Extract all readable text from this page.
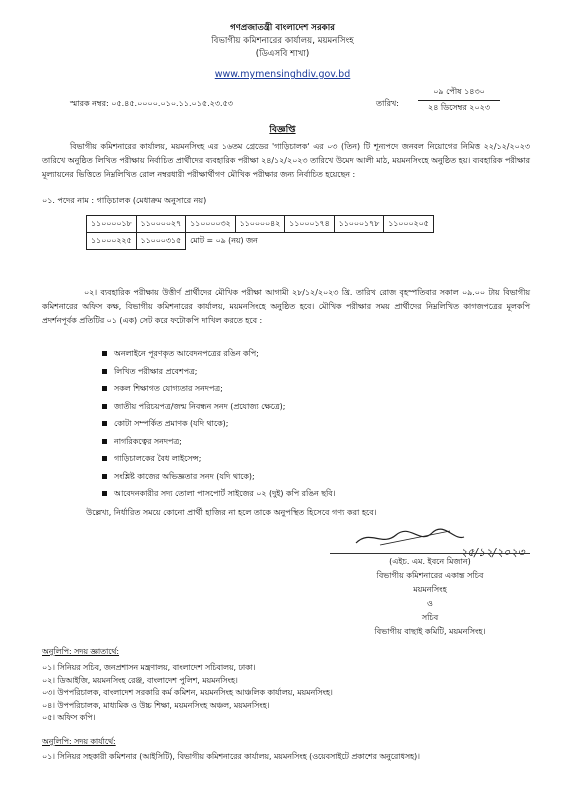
গণপ্রজাতন্ত্রী বাংলাদেশ সরকার
বিভাগীয় কমিশনারের কার্যালয়, ময়মনসিংহ
(ডিএসবি শাখা)
www.mymensinghdiv.gov.bd
স্মারক নম্বর: ০৫.৪৫.০০০০.০১০.১১.০১৫.২৩.৫৩	তারিখ:
০৯ পৌষ ১৪৩০
২৪ ডিসেম্বর ২০২৩
বিজ্ঞপ্তি
বিভাগীয় কমিশনারের কার্যালয়, ময়মনসিংহ এর ১৬তম গ্রেডের 'গাড়িচালক' এর ০৩ (তিন) টি শূন্যপদে জনবল নিয়োগের নিমিত্ত ২২/১২/২০২৩ তারিখে অনুষ্ঠিত লিখিত পরীক্ষায় নির্বাচিত প্রার্থীদের ব্যবহারিক পরীক্ষা ২৪/১২/২০২৩ তারিখে উমেদ আলী মাঠ, ময়মনসিংহে অনুষ্ঠিত হয়। ব্যবহারিক পরীক্ষার মূল্যায়নের ভিত্তিতে নিম্নলিখিত রোল নম্বরধারী পরীক্ষার্থীগণ মৌখিক পরীক্ষার জন্য নির্বাচিত হয়েছেন :
০১. পদের নাম : গাড়িচালক (মেধাক্রম অনুসারে নয়)
১১০০০০১৮	১১০০০০২৭	১১০০০০৩২	১১০০০০৪২	১১০০০১৭৪	১১০০০১৭৮	১১০০০২০৫
১১০০০২২৫	১১০০০৩১৫	মোট = ০৯ (নয়) জন				
০২। ব্যবহারিক পরীক্ষায় উত্তীর্ণ প্রার্থীদের মৌখিক পরীক্ষা আগামী ২৮/১২/২০২৩ খ্রি. তারিখ রোজ বৃহস্পতিবার সকাল ০৯.০০ টায় বিভাগীয় কমিশনারের অফিস কক্ষ, বিভাগীয় কমিশনারের কার্যালয়, ময়মনসিংহে অনুষ্ঠিত হবে। মৌখিক পরীক্ষার সময় প্রার্থীদের নিম্নলিখিত কাগজপত্রের মূলকপি প্রদর্শনপূর্বক প্রতিটির ০১ (এক) সেট করে ফটোকপি দাখিল করতে হবে :
অনলাইনে পূরণকৃত আবেদনপত্রের রঙিন কপি;
লিখিত পরীক্ষার প্রবেশপত্র;
সকল শিক্ষাগত যোগ্যতার সনদপত্র;
জাতীয় পরিচয়পত্র/জন্ম নিবন্ধন সনদ (প্রযোজ্য ক্ষেত্রে);
কোটা সম্পর্কিত প্রমাণক (যদি থাকে);
নাগরিকত্বের সনদপত্র;
গাড়িচালকের বৈধ লাইসেন্স;
সংশ্লিষ্ট কাজের অভিজ্ঞতার সনদ (যদি থাকে);
আবেদনকারীর সদ্য তোলা পাসপোর্ট সাইজের ০২ (দুই) কপি রঙিন ছবি।
উল্লেখ্য, নির্ধারিত সময়ে কোনো প্রার্থী হাজির না হলে তাকে অনুপস্থিত হিসেবে গণ্য করা হবে।
২৫/১২/২০২৩
(এইচ. এম. ইবনে মিজান)
বিভাগীয় কমিশনারের একান্ত সচিব
ময়মনসিংহ
ও
সচিব
বিভাগীয় বাছাই কমিটি, ময়মনসিংহ।
অনুলিপি: সদয় জ্ঞাতার্থে:
০১। সিনিয়র সচিব, জনপ্রশাসন মন্ত্রণালয়, বাংলাদেশ সচিবালয়, ঢাকা।
০২। ডিআইজি, ময়মনসিংহ রেঞ্জ, বাংলাদেশ পুলিশ, ময়মনসিংহ।
০৩। উপপরিচালক, বাংলাদেশ সরকারি কর্ম কমিশন, ময়মনসিংহ আঞ্চলিক কার্যালয়, ময়মনসিংহ।
০৪। উপপরিচালক, মাধ্যমিক ও উচ্চ শিক্ষা, ময়মনসিংহ অঞ্চল, ময়মনসিংহ।
০৫। অফিস কপি।
অনুলিপি: সদয় কার্যার্থে:
০১। সিনিয়র সহকারী কমিশনার (আইসিটি), বিভাগীয় কমিশনারের কার্যালয়, ময়মনসিংহ (ওয়েবসাইটে প্রকাশের অনুরোধসহ)।
